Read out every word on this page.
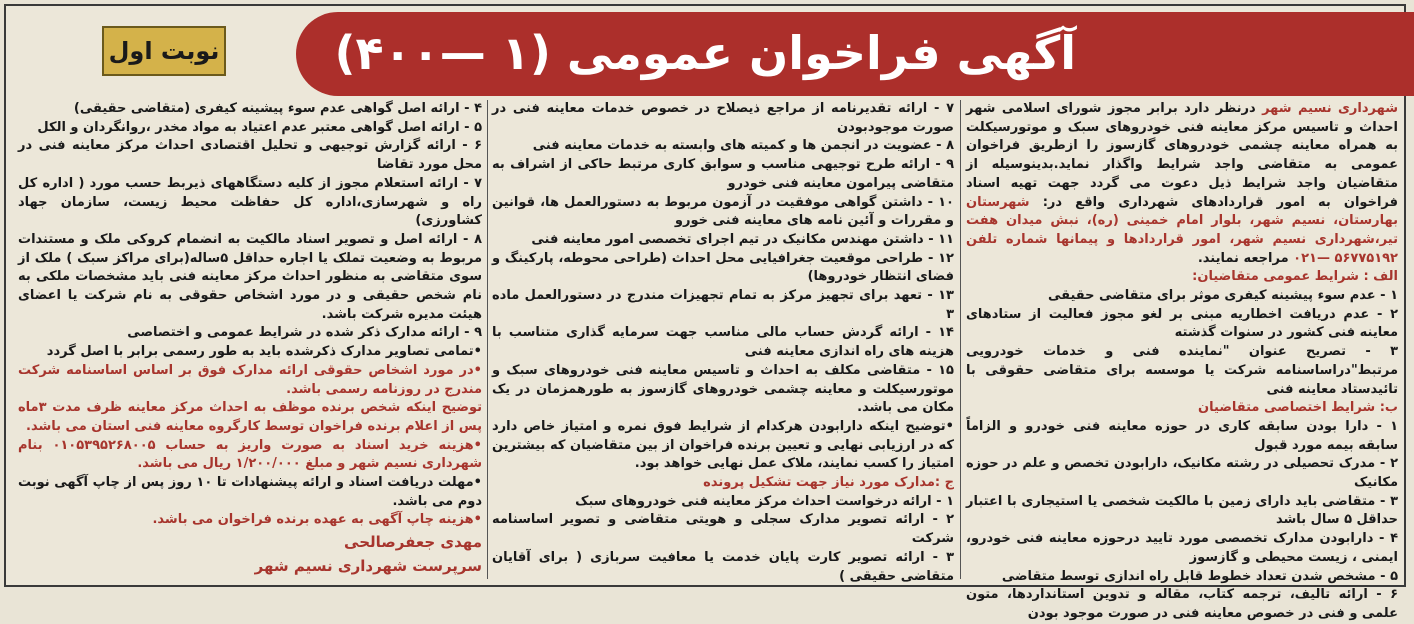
آگهی فراخوان عمومی (۱ —۴۰۰)
نوبت اول

شهرداری نسیم شهر درنظر دارد برابر مجوز شورای اسلامی شهر احداث و تاسیس مرکز معاینه فنی خودروهای سبک و موتورسیکلت به همراه معاینه چشمی خودروهای گازسوز را ازطریق فراخوان عمومی به متقاضی واجد شرایط واگذار نماید.بدینوسیله از متقاضیان واجد شرایط ذیل دعوت می گردد جهت تهیه اسناد فراخوان به امور قراردادهای شهرداری واقع در: شهرستان بهارستان، نسیم شهر، بلوار امام خمینی (ره)، نبش میدان هفت تیر،شهرداری نسیم شهر، امور قراردادها و پیمانها شماره تلفن ۵۶۷۷۵۱۹۲ —۰۲۱ مراجعه نمایند.

الف : شرایط عمومی متقاضیان:

۱ - عدم سوء پیشینه کیفری موثر برای متقاضی حقیقی

۲ - عدم دریافت اخطاریه مبنی بر لغو مجوز فعالیت از ستادهای معاینه فنی کشور در سنوات گذشته

۳ - تصریح عنوان "نماینده فنی و خدمات خودرویی مرتبط"دراساسنامه شرکت یا موسسه برای متقاضی حقوقی با تائیدستاد معاینه فنی

ب: شرایط اختصاصی متقاضیان

۱ - دارا بودن سابقه کاری در حوزه معاینه فنی خودرو و الزاماً سابقه بیمه مورد قبول

۲ - مدرک تحصیلی در رشته مکانیک، دارابودن تخصص و علم در حوزه مکانیک

۳ - متقاضی باید دارای زمین با مالکیت شخصی یا استیجاری با اعتبار حداقل ۵ سال باشد

۴ - دارابودن مدارک تخصصی مورد تایید درحوزه معاینه فنی خودرو، ایمنی ، زیست محیطی و گازسوز

۵ - مشخص شدن تعداد خطوط قابل راه اندازی توسط متقاضی

۶ - ارائه تالیف، ترجمه کتاب، مقاله و تدوین استانداردها، متون علمی و فنی در خصوص معاینه فنی در صورت موجود بودن

۷ - ارائه تقدیرنامه از مراجع ذیصلاح در خصوص خدمات معاینه فنی در صورت موجودبودن

۸ - عضویت در انجمن ها و کمیته های وابسته به خدمات معاینه فنی

۹ - ارائه طرح توجیهی مناسب و سوابق کاری مرتبط حاکی از اشراف به متقاضی پیرامون معاینه فنی خودرو

۱۰ - داشتن گواهی موفقیت در آزمون مربوط به دستورالعمل ها، قوانین و مقررات و آئین نامه های معاینه فنی خورو

۱۱ - داشتن مهندس مکانیک در تیم اجرای تخصصی امور معاینه فنی

۱۲ - طراحی موقعیت جغرافیایی محل احداث (طراحی محوطه، پارکینگ و فضای انتظار خودروها)

۱۳ - تعهد برای تجهیز مرکز به تمام تجهیزات مندرج در دستورالعمل ماده ۳

۱۴ - ارائه گردش حساب مالی مناسب جهت سرمایه گذاری متناسب با هزینه های راه اندازی معاینه فنی

۱۵ - متقاضی مکلف به احداث و تاسیس معاینه فنی خودروهای سبک و موتورسیکلت و معاینه چشمی خودروهای گازسوز به طورهمزمان در یک مکان می باشد.

•توضیح اینکه دارابودن هرکدام از شرایط فوق نمره و امتیاز خاص دارد که در ارزیابی نهایی و تعیین برنده فراخوان از بین متقاضیان که بیشترین امتیاز را کسب نمایند، ملاک عمل نهایی خواهد بود.

ج :مدارک مورد نیاز جهت تشکیل پرونده

۱ - ارائه درخواست احداث مرکز معاینه فنی خودروهای سبک

۲ - ارائه تصویر مدارک سجلی و هویتی متقاضی و تصویر اساسنامه شرکت

۳ - ارائه تصویر کارت پایان خدمت یا معافیت سربازی ( برای آقایان متقاضی حقیقی )

۴ - ارائه اصل گواهی عدم سوء پیشینه کیفری (متقاضی حقیقی)

۵ - ارائه اصل گواهی معتبر عدم اعتیاد به مواد مخدر ،روانگردان و الکل

۶ - ارائه گزارش توجیهی و تحلیل اقتصادی احداث مرکز معاینه فنی در محل مورد تقاضا

۷ - ارائه استعلام مجوز از کلیه دستگاههای ذیربط حسب مورد ( اداره کل راه و شهرسازی،اداره کل حفاظت محیط زیست، سازمان جهاد کشاورزی)

۸ - ارائه اصل و تصویر اسناد مالکیت به انضمام کروکی ملک و مستندات مربوط به وضعیت تملک یا اجاره حداقل ۵ساله(برای مراکز سبک ) ملک از سوی متقاضی به منظور احداث مرکز معاینه فنی باید مشخصات ملکی به نام شخص حقیقی و در مورد اشخاص حقوقی به نام شرکت یا اعضای هیئت مدیره شرکت باشد.

۹ - ارائه مدارک ذکر شده در شرایط عمومی و اختصاصی

•تمامی تصاویر مدارک ذکرشده باید به طور رسمی برابر با اصل گردد

•در مورد اشخاص حقوقی ارائه مدارک فوق بر اساس اساسنامه شرکت مندرج در روزنامه رسمی باشد.

توضیح اینکه شخص برنده موظف به احداث مرکز معاینه ظرف مدت ۳ماه پس از اعلام برنده فراخوان توسط کارگروه معاینه فنی استان می باشد.

•هزینه خرید اسناد به صورت واریز به حساب ۰۱۰۵۳۹۵۲۶۸۰۰۵ بنام شهرداری نسیم شهر و مبلغ ۱/۲۰۰/۰۰۰ ریال می باشد.

•مهلت دریافت اسناد و ارائه پیشنهادات تا ۱۰ روز پس از چاپ آگهی نوبت دوم می باشد.

•هزینه چاپ آگهی به عهده برنده فراخوان می باشد.

مهدی جعفرصالحی

سرپرست شهرداری نسیم شهر
